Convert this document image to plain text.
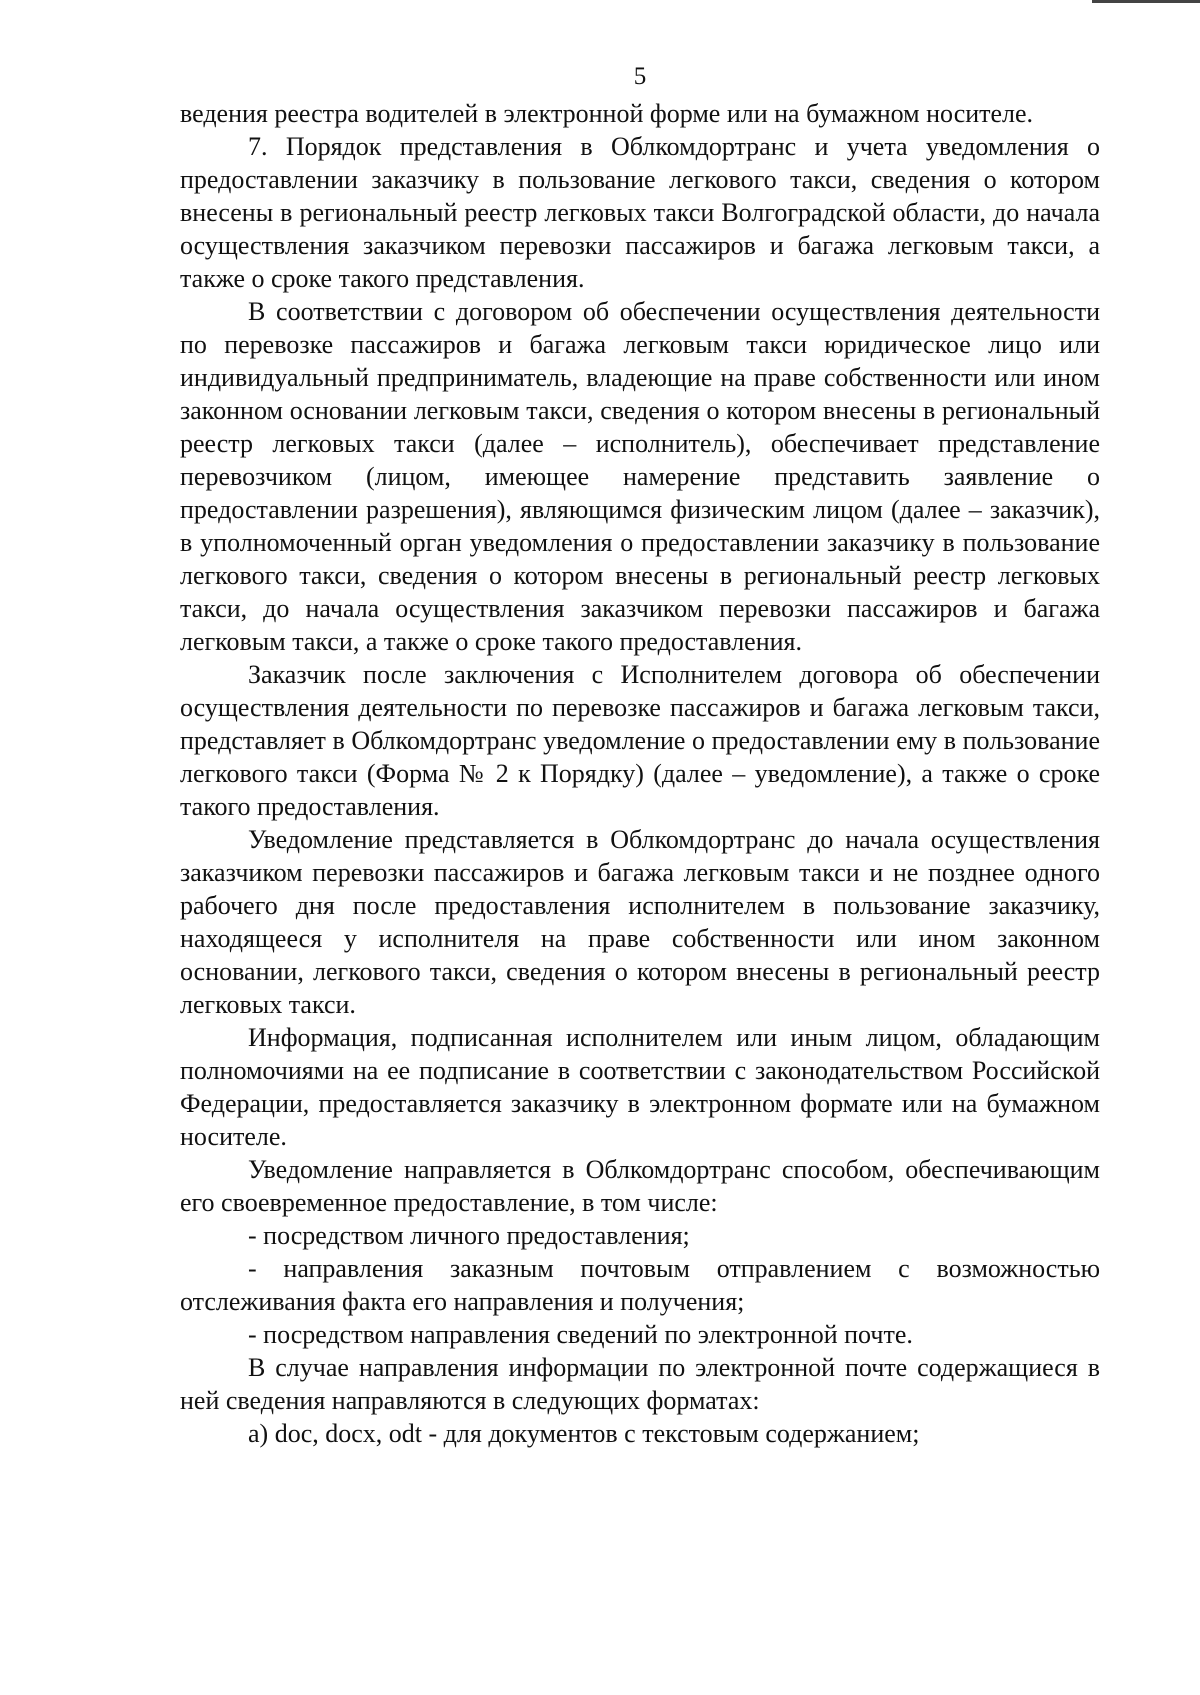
5

ведения реестра водителей в электронной форме или на бумажном носителе.

7. Порядок представления в Облкомдортранс и учета уведомления о предоставлении заказчику в пользование легкового такси, сведения о котором внесены в региональный реестр легковых такси Волгоградской области, до начала осуществления заказчиком перевозки пассажиров и багажа легковым такси, а также о сроке такого представления.

В соответствии с договором об обеспечении осуществления деятельности по перевозке пассажиров и багажа легковым такси юридическое лицо или индивидуальный предприниматель, владеющие на праве собственности или ином законном основании легковым такси, сведения о котором внесены в региональный реестр легковых такси (далее – исполнитель), обеспечивает представление перевозчиком (лицом, имеющее намерение представить заявление о предоставлении разрешения), являющимся физическим лицом (далее – заказчик), в уполномоченный орган уведомления о предоставлении заказчику в пользование легкового такси, сведения о котором внесены в региональный реестр легковых такси, до начала осуществления заказчиком перевозки пассажиров и багажа легковым такси, а также о сроке такого предоставления.

Заказчик после заключения с Исполнителем договора об обеспечении осуществления деятельности по перевозке пассажиров и багажа легковым такси, представляет в Облкомдортранс уведомление о предоставлении ему в пользование легкового такси (Форма № 2 к Порядку) (далее – уведомление), а также о сроке такого предоставления.

Уведомление представляется в Облкомдортранс до начала осуществления заказчиком перевозки пассажиров и багажа легковым такси и не позднее одного рабочего дня после предоставления исполнителем в пользование заказчику, находящееся у исполнителя на праве собственности или ином законном основании, легкового такси, сведения о котором внесены в региональный реестр легковых такси.

Информация, подписанная исполнителем или иным лицом, обладающим полномочиями на ее подписание в соответствии с законодательством Российской Федерации, предоставляется заказчику в электронном формате или на бумажном носителе.

Уведомление направляется в Облкомдортранс способом, обеспечивающим его своевременное предоставление, в том числе:

- посредством личного предоставления;

- направления заказным почтовым отправлением с возможностью отслеживания факта его направления и получения;

- посредством направления сведений по электронной почте.

В случае направления информации по электронной почте содержащиеся в ней сведения направляются в следующих форматах:

а) doc, docx, odt - для документов с текстовым содержанием;
